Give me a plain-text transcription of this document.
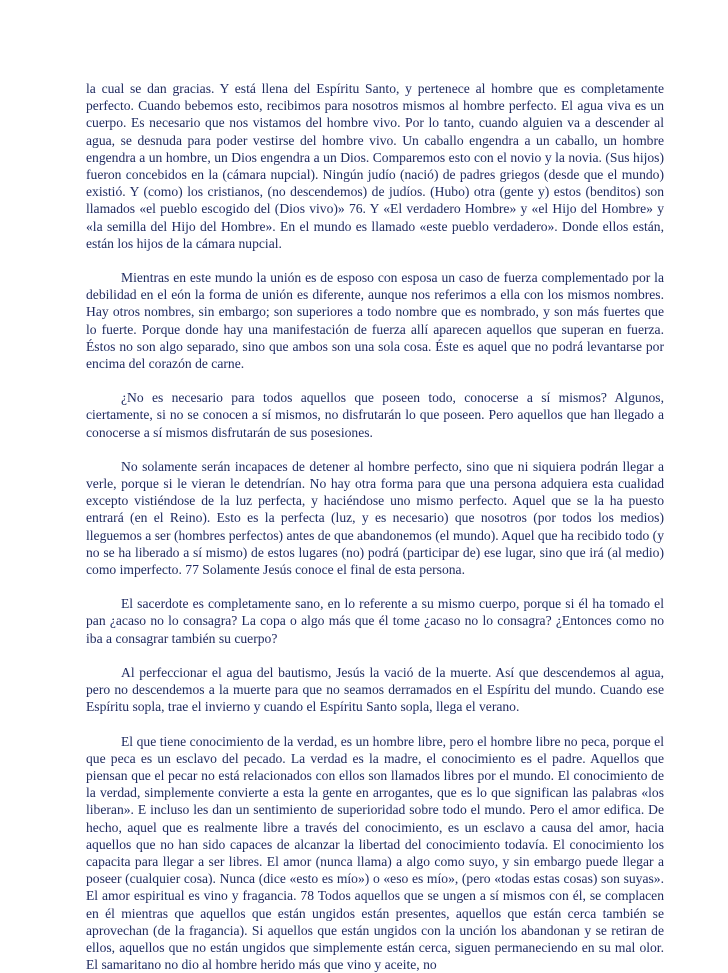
la cual se dan gracias. Y está llena del Espíritu Santo, y pertenece al hombre que es completamente perfecto. Cuando bebemos esto, recibimos para nosotros mismos al hombre perfecto. El agua viva es un cuerpo. Es necesario que nos vistamos del hombre vivo. Por lo tanto, cuando alguien va a descender al agua, se desnuda para poder vestirse del hombre vivo. Un caballo engendra a un caballo, un hombre engendra a un hombre, un Dios engendra a un Dios. Comparemos esto con el novio y la novia. (Sus hijos) fueron concebidos en la (cámara nupcial). Ningún judío (nació) de padres griegos (desde que el mundo) existió. Y (como) los cristianos, (no descendemos) de judíos. (Hubo) otra (gente y) estos (benditos) son llamados «el pueblo escogido del (Dios vivo)» 76. Y «El verdadero Hombre» y «el Hijo del Hombre» y «la semilla del Hijo del Hombre». En el mundo es llamado «este pueblo verdadero». Donde ellos están, están los hijos de la cámara nupcial.

Mientras en este mundo la unión es de esposo con esposa un caso de fuerza complementado por la debilidad en el eón la forma de unión es diferente, aunque nos referimos a ella con los mismos nombres. Hay otros nombres, sin embargo; son superiores a todo nombre que es nombrado, y son más fuertes que lo fuerte. Porque donde hay una manifestación de fuerza allí aparecen aquellos que superan en fuerza. Éstos no son algo separado, sino que ambos son una sola cosa. Éste es aquel que no podrá levantarse por encima del corazón de carne.

¿No es necesario para todos aquellos que poseen todo, conocerse a sí mismos? Algunos, ciertamente, si no se conocen a sí mismos, no disfrutarán lo que poseen. Pero aquellos que han llegado a conocerse a sí mismos disfrutarán de sus posesiones.

No solamente serán incapaces de detener al hombre perfecto, sino que ni siquiera podrán llegar a verle, porque si le vieran le detendrían. No hay otra forma para que una persona adquiera esta cualidad excepto vistiéndose de la luz perfecta, y haciéndose uno mismo perfecto. Aquel que se la ha puesto entrará (en el Reino). Esto es la perfecta (luz, y es necesario) que nosotros (por todos los medios) lleguemos a ser (hombres perfectos) antes de que abandonemos (el mundo). Aquel que ha recibido todo (y no se ha liberado a sí mismo) de estos lugares (no) podrá (participar de) ese lugar, sino que irá (al medio) como imperfecto. 77 Solamente Jesús conoce el final de esta persona.

El sacerdote es completamente sano, en lo referente a su mismo cuerpo, porque si él ha tomado el pan ¿acaso no lo consagra? La copa o algo más que él tome ¿acaso no lo consagra? ¿Entonces como no iba a consagrar también su cuerpo?

Al perfeccionar el agua del bautismo, Jesús la vació de la muerte. Así que descendemos al agua, pero no descendemos a la muerte para que no seamos derramados en el Espíritu del mundo. Cuando ese Espíritu sopla, trae el invierno y cuando el Espíritu Santo sopla, llega el verano.

El que tiene conocimiento de la verdad, es un hombre libre, pero el hombre libre no peca, porque el que peca es un esclavo del pecado. La verdad es la madre, el conocimiento es el padre. Aquellos que piensan que el pecar no está relacionados con ellos son llamados libres por el mundo. El conocimiento de la verdad, simplemente convierte a esta la gente en arrogantes, que es lo que significan las palabras «los liberan». E incluso les dan un sentimiento de superioridad sobre todo el mundo. Pero el amor edifica. De hecho, aquel que es realmente libre a través del conocimiento, es un esclavo a causa del amor, hacia aquellos que no han sido capaces de alcanzar la libertad del conocimiento todavía. El conocimiento los capacita para llegar a ser libres. El amor (nunca llama) a algo como suyo, y sin embargo puede llegar a poseer (cualquier cosa). Nunca (dice «esto es mío») o «eso es mío», (pero «todas estas cosas) son suyas». El amor espiritual es vino y fragancia. 78 Todos aquellos que se ungen a sí mismos con él, se complacen en él mientras que aquellos que están ungidos están presentes, aquellos que están cerca también se aprovechan (de la fragancia). Si aquellos que están ungidos con la unción los abandonan y se retiran de ellos, aquellos que no están ungidos que simplemente están cerca, siguen permaneciendo en su mal olor. El samaritano no dio al hombre herido más que vino y aceite, no
